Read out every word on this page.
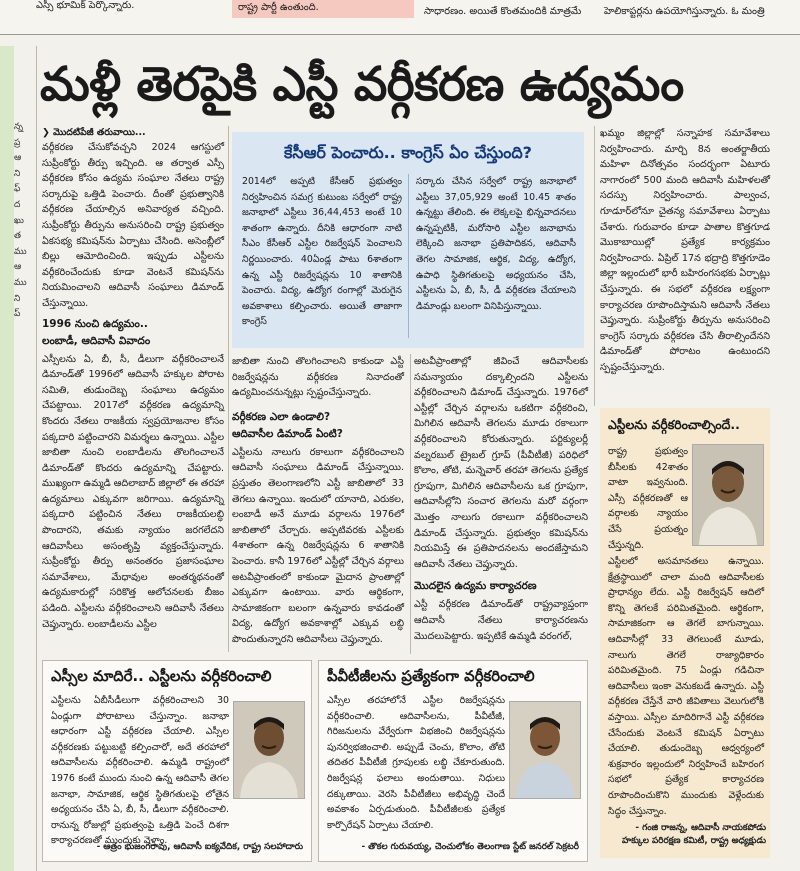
ఎస్సీ భూమిక్ పెర్కొన్నారు.	రాష్ట్ర పార్టీ ఉంతుంది.	సాధారణం. అయితే కొంతమందికి మాత్రమే హెలికాప్టర్లను ఉపయోగిస్తున్నారు. ఓ మంత్రి
న్న
ప్ర
ఆ
ని
ఫ్
ద
ఖు
త
ము
ఆ
ము
ని
ప్
మళ్లీ తెరపైకి ఎస్టీ వర్గీకరణ ఉద్యమం
❯ మొదటిపేజీ తరువాయి...

వర్గీకరణ చేసుకోవచ్చని 2024 ఆగస్టులో సుప్రీంకోర్టు తీర్పు ఇచ్చింది. ఆ తర్వాత ఎస్సీ వర్గీకరణ కోసం ఉద్యమ సంఘాల నేతలు రాష్ట్ర సర్కారుపై ఒత్తిడి పెంచారు. దీంతో ప్రభుత్వానికి వర్గీకరణ చేయాల్సిన అనివార్యత వచ్చింది. సుప్రీంకోర్టు తీర్పును అనుసరించి రాష్ట్ర ప్రభుత్వం ఏకసభ్య కమిషన్‌ను ఏర్పాటు చేసింది. అసెంబ్లీలో బిల్లు ఆమోదించింది. ఇప్పుడు ఎస్టీలను వర్గీకరించేందుకు కూడా వెంటనే కమిషన్‌ను నియమించాలని ఆదివాసీ సంఘాలు డిమాండ్ చేస్తున్నాయి.

1996 నుంచి ఉద్యమం..
లంబాడీ, ఆదివాసీ వివాదం

ఎస్సీలను ఏ, బీ, సీ, డీలుగా వర్గీకరించాలనే డిమాండ్‌తో 1996లో ఆదివాసీ హక్కుల పోరాట సమితి, తుడుందెబ్బ సంఘాలు ఉద్యమం చేపట్టాయి. 2017లో వర్గీకరణ ఉద్యమాన్ని కొందరు నేతలు రాజకీయ స్వప్రయోజనాల కోసం పక్కదారి పట్టించారని విమర్శలు ఉన్నాయి. ఎస్టీల జాబితా నుంచి లంబాడీలను తొలగించాలనే డిమాండ్‌తో కొందరు ఉద్యమాన్ని చేపట్టారు. ముఖ్యంగా ఉమ్మడి ఆదిలాబాద్ జిల్లాలో ఈ తరహా ఉద్యమాలు ఎక్కువగా జరిగాయి. ఉద్యమాన్ని పక్కదారి పట్టించిన నేతలు రాజకీయలబ్ధి పొందారని, తమకు న్యాయం జరగలేదని ఆదివాసీలు అసంతృప్తి వ్యక్తంచేస్తున్నారు. సుప్రీంకోర్టు తీర్పు అనంతరం ప్రజాసంఘాల సమావేశాలు, మేధావుల అంతర్మథనంతో ఉద్యమకారుల్లో సరికొత్త ఆలోచనలకు బీజం పడింది. ఎస్టీలను వర్గీకరించాలని ఆదివాసీ నేతలు చెప్తున్నారు. లంబాడీలను ఎస్టీల

కేసీఆర్ పెంచారు.. కాంగ్రెస్ ఏం చేస్తుంది?
2014లో అప్పటి కేసీఆర్ ప్రభుత్వం నిర్వహించిన సమగ్ర కుటుంబ సర్వేలో రాష్ట్ర జనాభాలో ఎస్టీలు 36,44,453 అంటే 10 శాతంగా ఉన్నారు. దీనికి ఆధారంగా నాటి సీఎం కేసీఆర్ ఎస్టీల రిజర్వేషన్ పెంచాలని నిర్ణయించారు. 40ఏండ్ల పాటు 6శాతంగా ఉన్న ఎస్టీ రిజర్వేషన్లను 10 శాతానికి పెంచారు. విద్య, ఉద్యోగ రంగాల్లో మెరుగైన అవకాశాలు కల్పించారు. అయితే తాజాగా కాంగ్రెస్
సర్కారు చేసిన సర్వేలో రాష్ట్ర జనాభాలో ఎస్టీలు 37,05,929 అంటే 10.45 శాతం ఉన్నట్టు తేలింది. ఈ లెక్కలపై భిన్నవాదనలు ఉన్నప్పటికీ, మరోసారి ఎస్టీల జనాభాను లెక్కించి జనాభా ప్రతిపాదికన, ఆదివాసీ తెగల సామాజిక, ఆర్థిక, విద్య, ఉద్యోగ, ఉపాధి స్థితిగతులపై అధ్యయనం చేసి, ఎస్టీలను ఏ, బీ, సీ, డీ వర్గీకరణ చేయాలని డిమాండ్లు బలంగా వినిపిస్తున్నాయి.

జాబితా నుంచి తొలగించాలని కాకుండా ఎస్టీ రిజర్వేషన్లను వర్గీకరణ నినాదంతో ఉద్యమించనున్నట్లు స్పష్టంచేస్తున్నారు.

వర్గీకరణ ఎలా ఉండాలి?
ఆదివాసీల డిమాండ్ ఏంటి?

ఎస్టీలను నాలుగు రకాలుగా వర్గీకరించాలని ఆదివాసీ సంఘాలు డిమాండ్ చేస్తున్నాయి. ప్రస్తుతం తెలంగాణలోని ఎస్టీ జాబితాలో 33 తెగలు ఉన్నాయి. ఇందులో యానాది, ఎరుకల, లంబాడీ అనే మూడు వర్గాలను 1976లో జాబితాలో చేర్చారు. అప్పటివరకు ఎస్టీలకు 4శాతంగా ఉన్న రిజర్వేషన్లను 6 శాతానికి పెంచారు. కానీ 1976లో ఎస్టీల్లో చేర్చిన వర్గాలు అటవీప్రాంతంలో కాకుండా మైదాన ప్రాంతాల్లో ఎక్కువగా ఉంటాయి. వారు ఆర్థికంగా, సామాజికంగా బలంగా ఉన్నవారు కావడంతో విద్య, ఉద్యోగ అవకాశాల్లో ఎక్కువ లబ్ధి పొందుతున్నారని ఆదివాసీలు చెప్తున్నారు.

అటవీప్రాంతాల్లో జీవించే ఆదివాసీలకు సమన్యాయం దక్కాల్సిందని ఎస్టీలను వర్గీకరించాలని డిమాండ్ చేస్తున్నారు. 1976లో ఎస్టీల్లో చేర్చిన వర్గాలను ఒకటిగా వర్గీకరించి, మిగిలిన ఆదివాసీ తెగలను మూడు రకాలుగా వర్గీకరించాలని కోరుతున్నారు. పర్టిక్యులర్లీ వల్నరబుల్ ట్రైబల్ గ్రూప్ (పీవీటీజీ) పరిధిలో కొలాం, తోటి, మన్నెవార్ తరహా తెగలను ప్రత్యేక గ్రూపుగా, మిగిలిన ఆదివాసీలను ఒక గ్రూపుగా, ఆదివాసీల్లోని సంచార తెగలను మరో వర్గంగా మొత్తం నాలుగు రకాలుగా వర్గీకరించాలని డిమాండ్ చేస్తున్నారు. ప్రభుత్వం కమిషన్‌ను నియమిస్తే ఈ ప్రతిపాదనలను అందజేస్తామని ఆదివాసీ నేతలు చెప్తున్నారు.

మొదలైన ఉద్యమ కార్యాచరణ

ఎస్టీ వర్గీకరణ డిమాండ్‌తో రాష్ట్రవ్యాప్తంగా ఆదివాసీ నేతలు కార్యాచరణను మొదలుపెట్టారు. ఇప్పటికే ఉమ్మడి వరంగల్,

ఖమ్మం జిల్లాల్లో సన్నాహక సమావేశాలు నిర్వహించారు. మార్చి 8న అంతర్జాతీయ మహిళా దినోత్సవం సందర్భంగా ఏటూరు నాగారంలో 500 మంది ఆదివాసీ మహిళలతో సదస్సు నిర్వహించారు. పాల్వంచ, గూడూర్‌లోనూ చైతన్య సమావేశాలు ఏర్పాటు చేశారు. గురువారం కూడా పాతాల కొత్తగూడ మొకాబాయిల్లో ప్రత్యేక కార్యక్రమం నిర్వహించారు. ఏప్రిల్ 17న భద్రాద్రి కొత్తగూడెం జిల్లా ఇల్లందులో భారీ బహిరంగసభకు ఏర్పాట్లు చేస్తున్నారు. ఈ సభలో వర్గీకరణ లక్ష్యంగా కార్యాచరణ రూపొందిస్తామని ఆదివాసీ నేతలు చెప్తున్నారు. సుప్రీంకోర్టు తీర్పును అనుసరించి కాంగ్రెస్ సర్కారు వర్గీకరణ చేసి తీరాల్సిందేనని డిమాండ్‌తో పోరాటం ఉంటుందని స్పష్టంచేస్తున్నారు.

ఎస్టీలను వర్గీకరించాల్సిందే..
రాష్ట్ర ప్రభుత్వం బీసీలకు 42శాతం వాటా ఇవ్వనుంది. ఎస్సీ వర్గీకరణతో ఆ వర్గాలకు న్యాయం చేసే ప్రయత్నం చేస్తున్నది.
ఎస్టీలలో అసమానతలు ఉన్నాయి. క్షేత్రస్థాయిలో చాలా మంది ఆదివాసీలకు ప్రాధాన్యం లేదు. ఎస్టీ రిజర్వేషన్ ఆదిలో కొన్ని తెగలకే పరిమితమైంది. ఆర్థికంగా, సామాజికంగా ఆ తెగలే బాగున్నాయి. ఆదివాసీల్లో 33 తెగలుంటే మూడు, నాలుగు తెగలే రాజ్యాధికారం పరిమితమైంది. 75 ఏండ్లు గడిచినా ఆదివాసీలు ఇంకా వెనుకబడే ఉన్నారు. ఎస్టీ వర్గీకరణ చేస్తేనే వారి జీవితాలు వెలుగులోకి వస్తాయి. ఎస్సీల మాదిరిగానే ఎస్టీ వర్గీకరణ చేసేందుకు వెంటనే కమిషన్ ఏర్పాటు చేయాలి. తుడుందెబ్బ ఆధ్వర్యంలో శుక్రవారం ఇల్లందులో నిర్వహించే బహిరంగ సభలో ప్రత్యేక కార్యాచరణ రూపొందించుకొని ముందుకు వెళ్లేందుకు సిద్ధం చేస్తున్నాం.
- గంజి రాజన్న, ఆదివాసీ నాయకపోడు
హక్కుల పరిరక్షణ కమిటీ, రాష్ట్ర అధ్యక్షుడు
ఎస్సీల మాదిరే.. ఎస్టీలను వర్గీకరించాలి
ఎస్టీలను ఏబీసీడీలుగా వర్గీకరించాలని 30 ఏండ్లుగా పోరాటాలు చేస్తున్నాం. జనాభా ఆధారంగా ఎస్టీ వర్గీకరణ చేయాలి. ఎస్సీల వర్గీకరణకు పట్టుబట్టి కల్పించారో, అదే తరహాలో ఆదివాసీలను వర్గీకరించాలి. ఉమ్మడి రాష్ట్రంలో 1976 కంటే ముందు నుంచి ఉన్న ఆదివాసీ తెగల జనాభా, సామాజిక, ఆర్థిక స్థితిగతులపై లోతైన అధ్యయనం చేసి ఏ, బీ, సీ, డీలుగా వర్గీకరించాలి. రానున్న రోజుల్లో ప్రభుత్వంపై ఒత్తిడి పెంచే దిశగా కార్యాచరణతో ముందుకు వెళ్తాం.
- ఆత్రం భుజంగరావు, ఆదివాసీ ఐక్యవేదిక, రాష్ట్ర సలహాదారు
పీవీటీజీలను ప్రత్యేకంగా వర్గీకరించాలి
ఎస్సీల తరహాలోనే ఎస్టీల రిజర్వేషన్లను వర్గీకరించాలి. ఆదివాసీలను, పీవీటీజీ, గిరిజనులను వేర్వేరుగా విభజించి రిజర్వేషన్లను పునర్విభజించాలి. అప్పుడే చెంచు, కొలాం, తోటి తదితర పీవీటీజీ గ్రూపులకు లబ్ధి చేకూరుతుంది. రిజర్వేషన్ల ఫలాలు అందుతాయి. నిధులు దక్కుతాయి. వెరసి పీవీటీజీలు అభివృద్ధి చెందే అవకాశం ఏర్పడుతుంది. పీవీటీజీలకు ప్రత్యేక కార్పొరేషన్ ఏర్పాటు చేయాలి.
- తొకల గురువయ్య, చెంచులోకం తెలంగాణ స్టేట్ జనరల్ సెక్రటరీ
